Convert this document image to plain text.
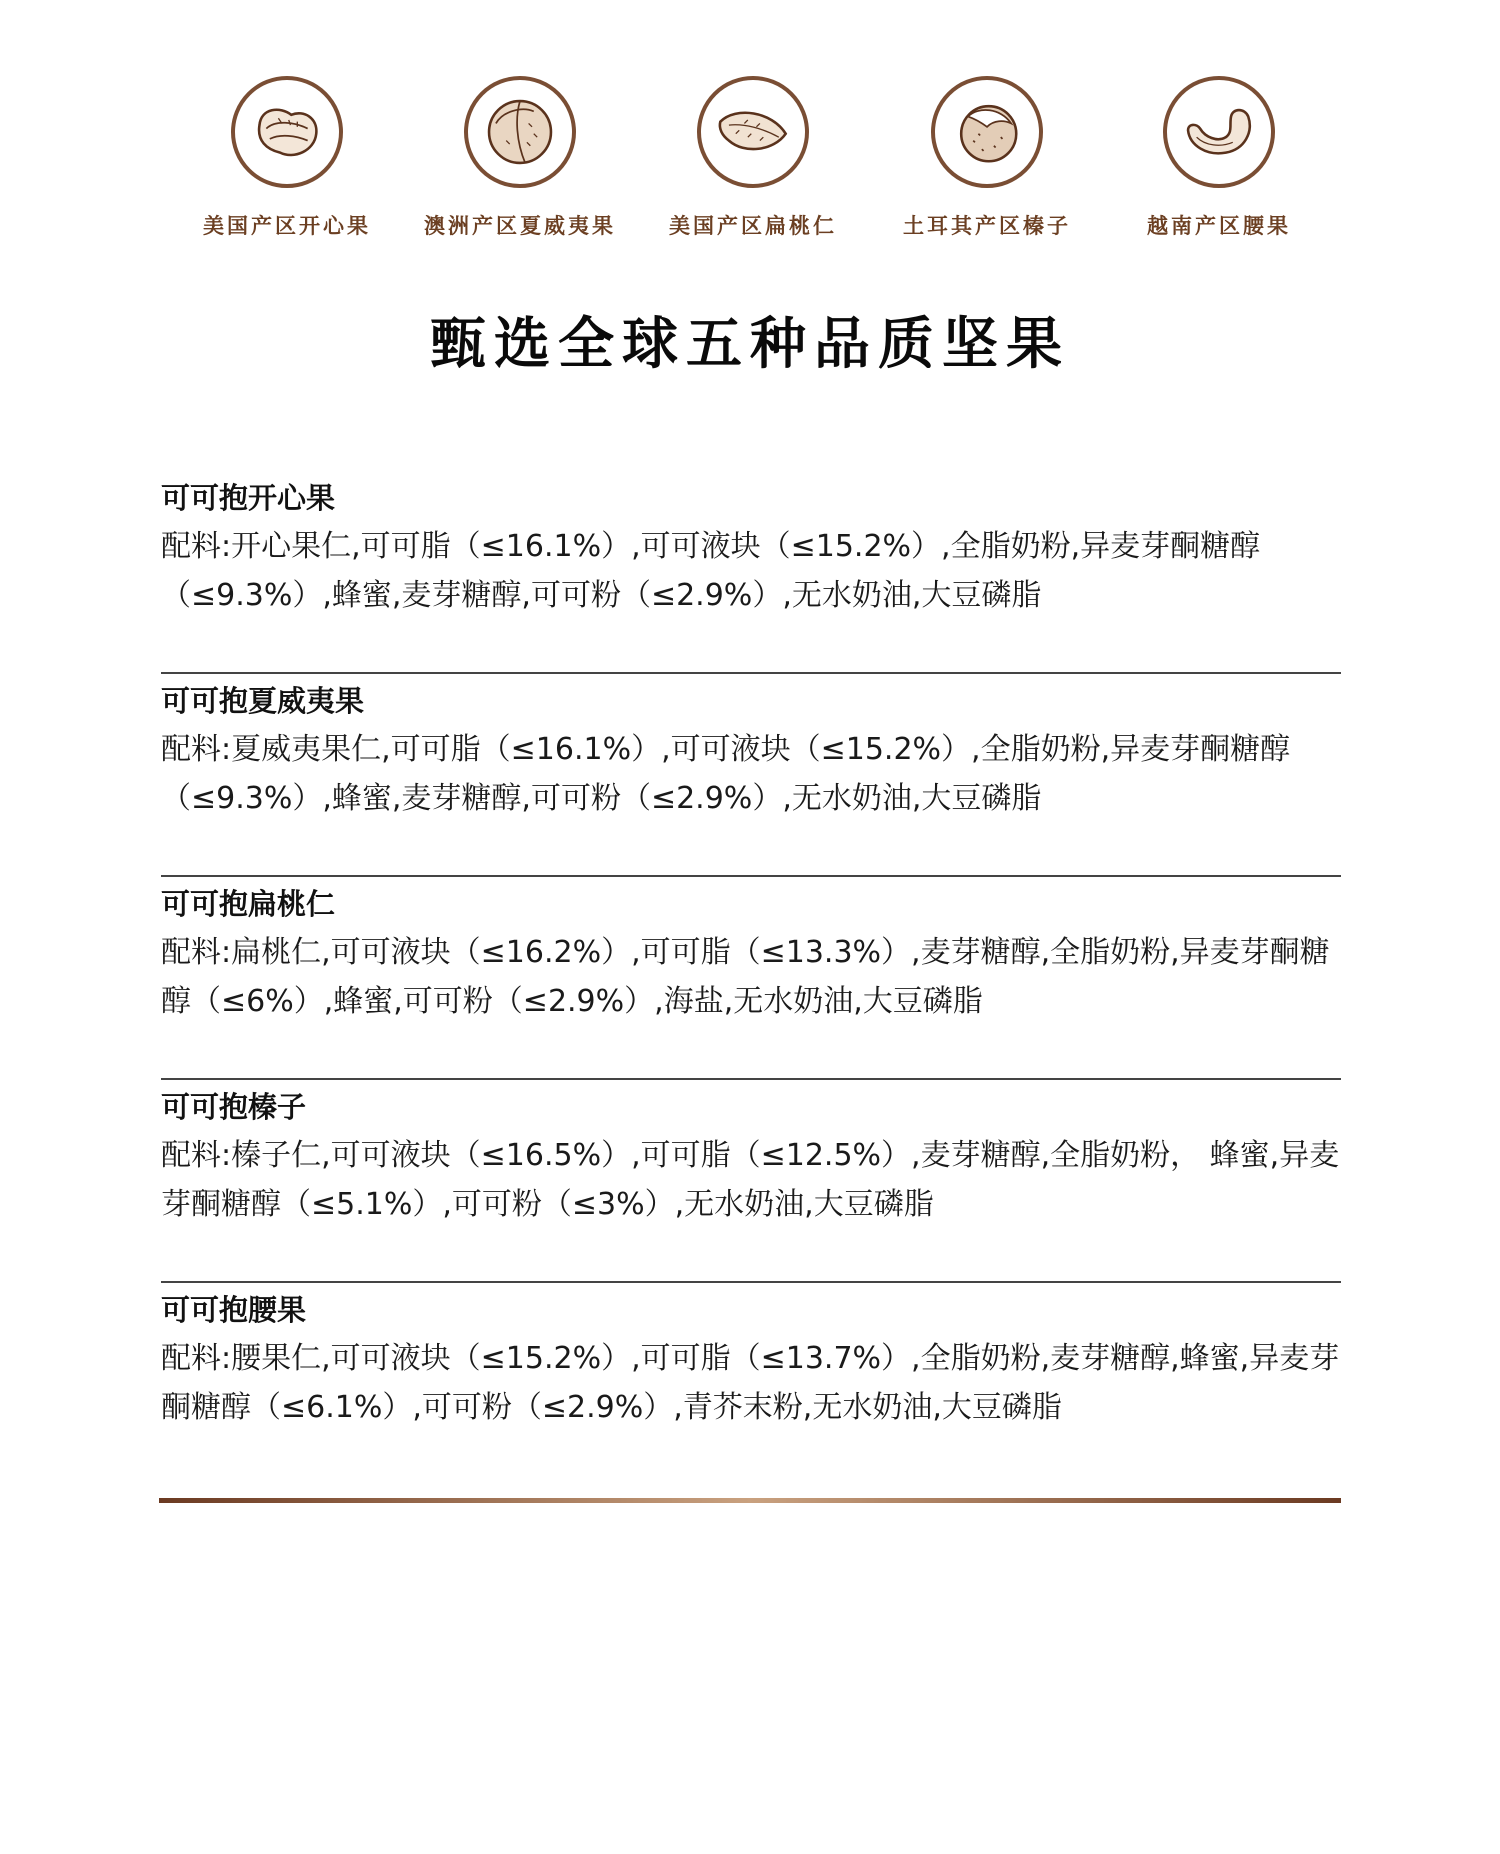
美国产区开心果	澳洲产区夏威夷果	美国产区扁桃仁	土耳其产区榛子	越南产区腰果
甄选全球五种品质坚果
可可抱开心果
配料:开心果仁,可可脂（≤16.1%）,可可液块（≤15.2%）,全脂奶粉,异麦芽酮糖醇（≤9.3%）,蜂蜜,麦芽糖醇,可可粉（≤2.9%）,无水奶油,大豆磷脂
可可抱夏威夷果
配料:夏威夷果仁,可可脂（≤16.1%）,可可液块（≤15.2%）,全脂奶粉,异麦芽酮糖醇（≤9.3%）,蜂蜜,麦芽糖醇,可可粉（≤2.9%）,无水奶油,大豆磷脂
可可抱扁桃仁
配料:扁桃仁,可可液块（≤16.2%）,可可脂（≤13.3%）,麦芽糖醇,全脂奶粉,异麦芽酮糖醇（≤6%）,蜂蜜,可可粉（≤2.9%）,海盐,无水奶油,大豆磷脂
可可抱榛子
配料:榛子仁,可可液块（≤16.5%）,可可脂（≤12.5%）,麦芽糖醇,全脂奶粉， 蜂蜜,异麦芽酮糖醇（≤5.1%）,可可粉（≤3%）,无水奶油,大豆磷脂
可可抱腰果
配料:腰果仁,可可液块（≤15.2%）,可可脂（≤13.7%）,全脂奶粉,麦芽糖醇,蜂蜜,异麦芽酮糖醇（≤6.1%）,可可粉（≤2.9%）,青芥末粉,无水奶油,大豆磷脂
